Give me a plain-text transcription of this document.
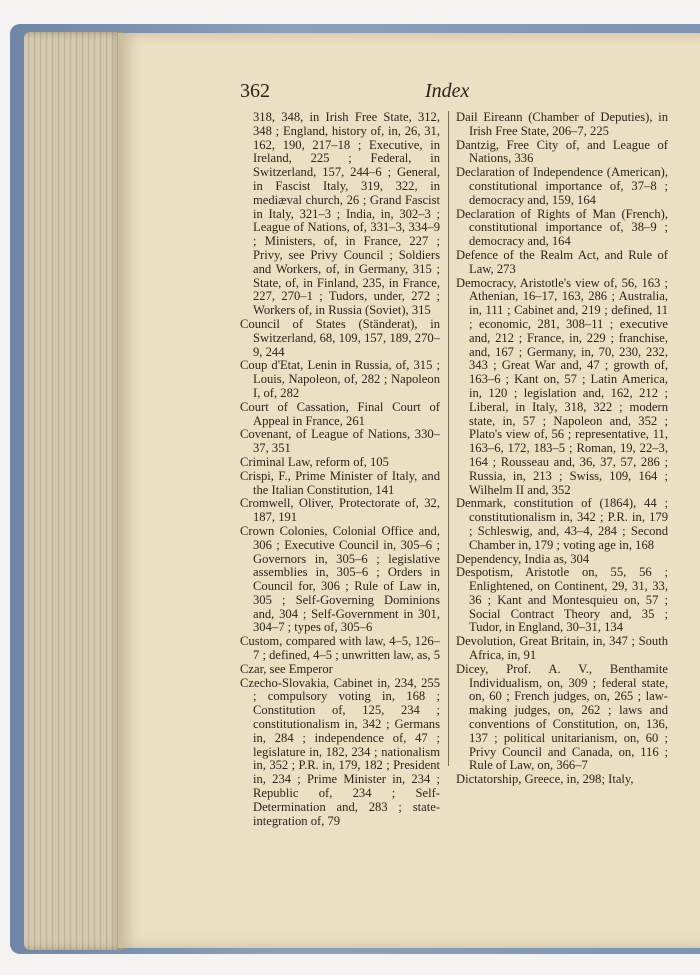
362	Index

318, 348, in Irish Free State, 312, 348 ; England, history of, in, 26, 31, 162, 190, 217–18 ; Executive, in Ireland, 225 ; Federal, in Switzerland, 157, 244–6 ; General, in Fascist Italy, 319, 322, in mediæval church, 26 ; Grand Fascist in Italy, 321–3 ; India, in, 302–3 ; League of Nations, of, 331–3, 334–9 ; Ministers, of, in France, 227 ; Privy, see Privy Council ; Soldiers and Workers, of, in Germany, 315 ; State, of, in Finland, 235, in France, 227, 270–1 ; Tudors, under, 272 ; Workers of, in Russia (Soviet), 315

Council of States (Ständerat), in Switzerland, 68, 109, 157, 189, 270–9, 244

Coup d'Etat, Lenin in Russia, of, 315 ; Louis, Napoleon, of, 282 ; Napoleon I, of, 282

Court of Cassation, Final Court of Appeal in France, 261

Covenant, of League of Nations, 330–37, 351

Criminal Law, reform of, 105

Crispi, F., Prime Minister of Italy, and the Italian Constitution, 141

Cromwell, Oliver, Protectorate of, 32, 187, 191

Crown Colonies, Colonial Office and, 306 ; Executive Council in, 305–6 ; Governors in, 305–6 ; legislative assemblies in, 305–6 ; Orders in Council for, 306 ; Rule of Law in, 305 ; Self-Governing Dominions and, 304 ; Self-Government in 301, 304–7 ; types of, 305–6

Custom, compared with law, 4–5, 126–7 ; defined, 4–5 ; unwritten law, as, 5

Czar, see Emperor

Czecho-Slovakia, Cabinet in, 234, 255 ; compulsory voting in, 168 ; Constitution of, 125, 234 ; constitutionalism in, 342 ; Germans in, 284 ; independence of, 47 ; legislature in, 182, 234 ; nationalism in, 352 ; P.R. in, 179, 182 ; President in, 234 ; Prime Minister in, 234 ; Republic of, 234 ; Self-Determination and, 283 ; state-integration of, 79

Dail Eireann (Chamber of Deputies), in Irish Free State, 206–7, 225

Dantzig, Free City of, and League of Nations, 336

Declaration of Independence (American), constitutional importance of, 37–8 ; democracy and, 159, 164

Declaration of Rights of Man (French), constitutional importance of, 38–9 ; democracy and, 164

Defence of the Realm Act, and Rule of Law, 273

Democracy, Aristotle's view of, 56, 163 ; Athenian, 16–17, 163, 286 ; Australia, in, 111 ; Cabinet and, 219 ; defined, 11 ; economic, 281, 308–11 ; executive and, 212 ; France, in, 229 ; franchise, and, 167 ; Germany, in, 70, 230, 232, 343 ; Great War and, 47 ; growth of, 163–6 ; Kant on, 57 ; Latin America, in, 120 ; legislation and, 162, 212 ; Liberal, in Italy, 318, 322 ; modern state, in, 57 ; Napoleon and, 352 ; Plato's view of, 56 ; representative, 11, 163–6, 172, 183–5 ; Roman, 19, 22–3, 164 ; Rousseau and, 36, 37, 57, 286 ; Russia, in, 213 ; Swiss, 109, 164 ; Wilhelm II and, 352

Denmark, constitution of (1864), 44 ; constitutionalism in, 342 ; P.R. in, 179 ; Schleswig, and, 43–4, 284 ; Second Chamber in, 179 ; voting age in, 168

Dependency, India as, 304

Despotism, Aristotle on, 55, 56 ; Enlightened, on Continent, 29, 31, 33, 36 ; Kant and Montesquieu on, 57 ; Social Contract Theory and, 35 ; Tudor, in England, 30–31, 134

Devolution, Great Britain, in, 347 ; South Africa, in, 91

Dicey, Prof. A. V., Benthamite Individualism, on, 309 ; federal state, on, 60 ; French judges, on, 265 ; law-making judges, on, 262 ; laws and conventions of Constitution, on, 136, 137 ; political unitarianism, on, 60 ; Privy Council and Canada, on, 116 ; Rule of Law, on, 366–7

Dictatorship, Greece, in, 298; Italy,
